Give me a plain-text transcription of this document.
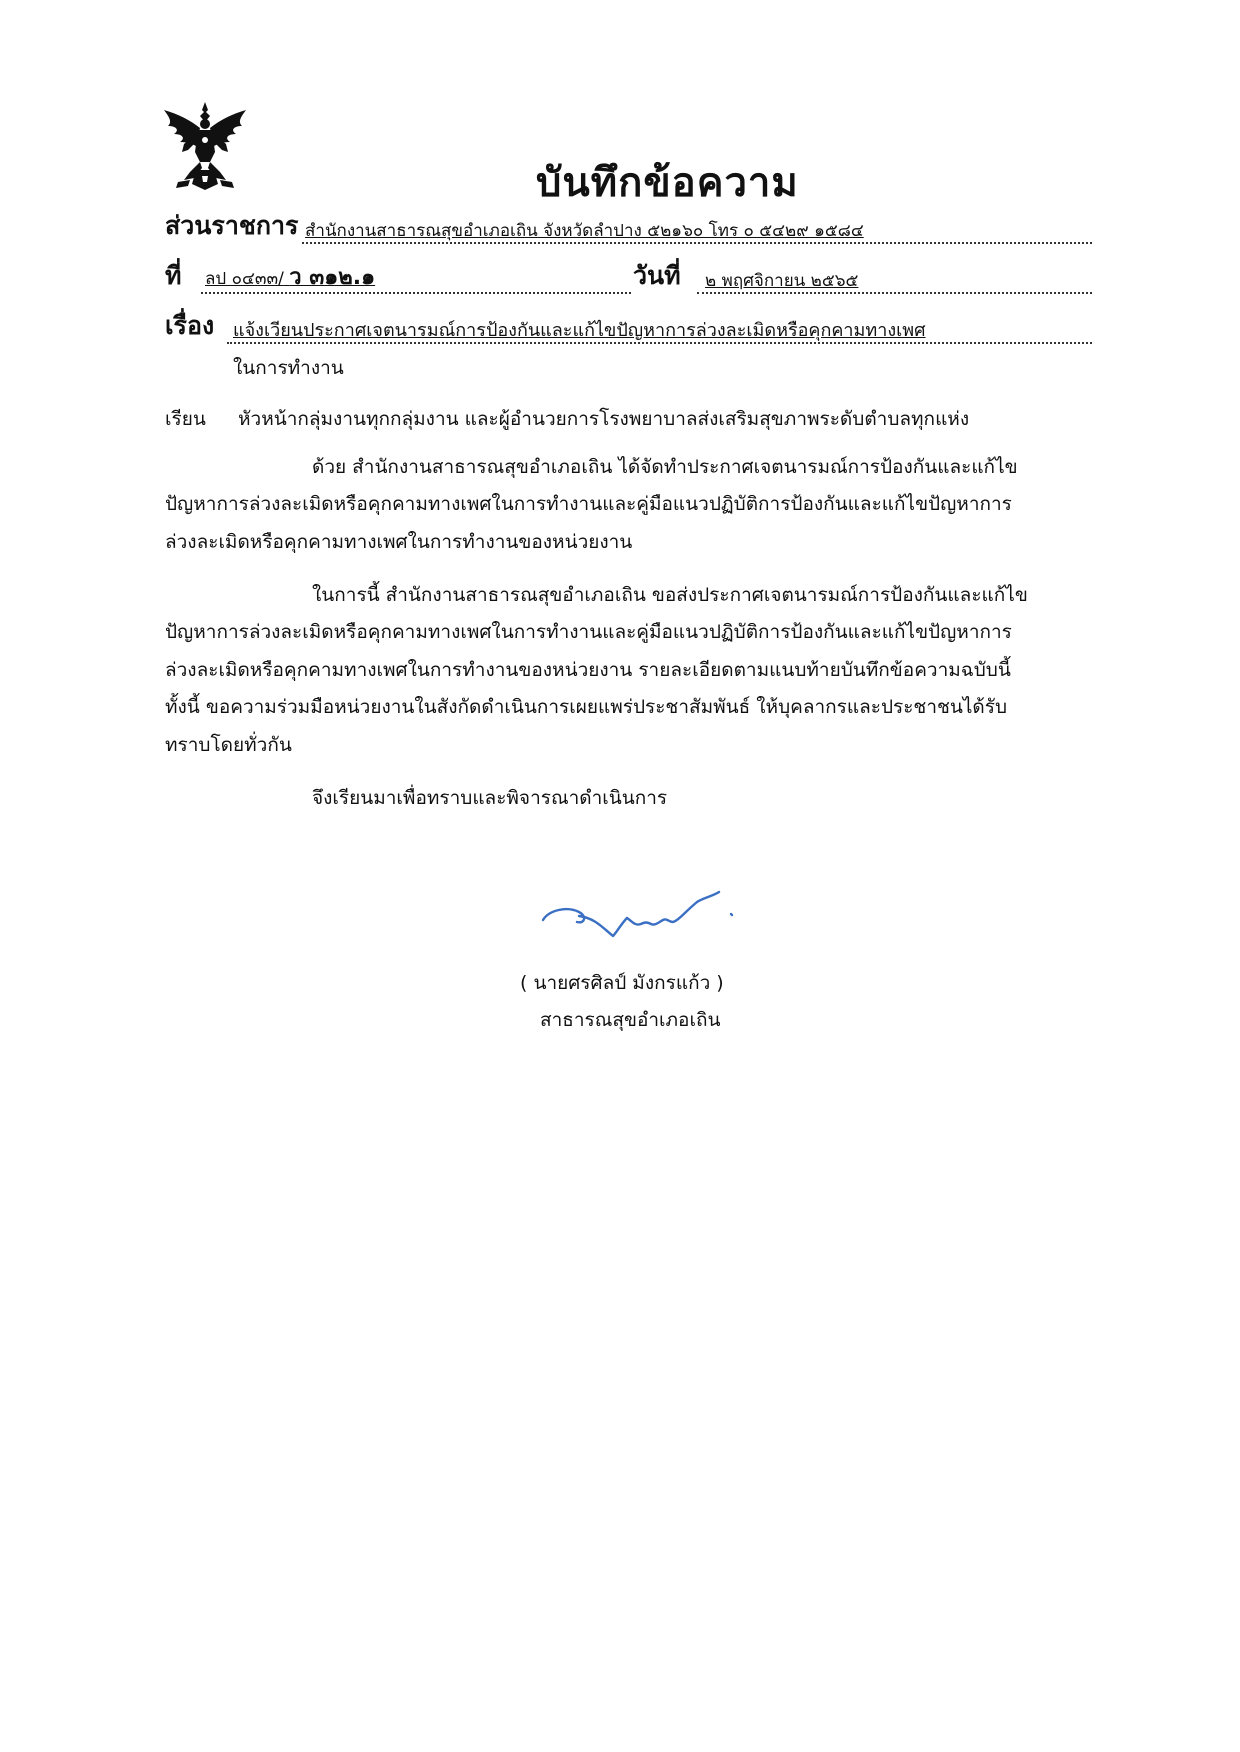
บันทึกข้อความ
ส่วนราชการ สำนักงานสาธารณสุขอำเภอเถิน จังหวัดลำปาง ๕๒๑๖๐ โทร ๐ ๕๔๒๙ ๑๕๘๔
ที่ ลป ๐๔๓๓/ ว ๓๑๒.๑	วันที่ ๒ พฤศจิกายน ๒๕๖๕
เรื่อง แจ้งเวียนประกาศเจตนารมณ์การป้องกันและแก้ไขปัญหาการล่วงละเมิดหรือคุกคามทางเพศ
ในการทำงาน
เรียน หัวหน้ากลุ่มงานทุกกลุ่มงาน และผู้อำนวยการโรงพยาบาลส่งเสริมสุขภาพระดับตำบลทุกแห่ง
ด้วย สำนักงานสาธารณสุขอำเภอเถิน ได้จัดทำประกาศเจตนารมณ์การป้องกันและแก้ไข
ปัญหาการล่วงละเมิดหรือคุกคามทางเพศในการทำงานและคู่มือแนวปฏิบัติการป้องกันและแก้ไขปัญหาการ
ล่วงละเมิดหรือคุกคามทางเพศในการทำงานของหน่วยงาน
ในการนี้ สำนักงานสาธารณสุขอำเภอเถิน ขอส่งประกาศเจตนารมณ์การป้องกันและแก้ไข
ปัญหาการล่วงละเมิดหรือคุกคามทางเพศในการทำงานและคู่มือแนวปฏิบัติการป้องกันและแก้ไขปัญหาการ
ล่วงละเมิดหรือคุกคามทางเพศในการทำงานของหน่วยงาน รายละเอียดตามแนบท้ายบันทึกข้อความฉบับนี้
ทั้งนี้ ขอความร่วมมือหน่วยงานในสังกัดดำเนินการเผยแพร่ประชาสัมพันธ์ ให้บุคลากรและประชาชนได้รับ
ทราบโดยทั่วกัน
จึงเรียนมาเพื่อทราบและพิจารณาดำเนินการ
( นายศรศิลป์ มังกรแก้ว )
สาธารณสุขอำเภอเถิน
